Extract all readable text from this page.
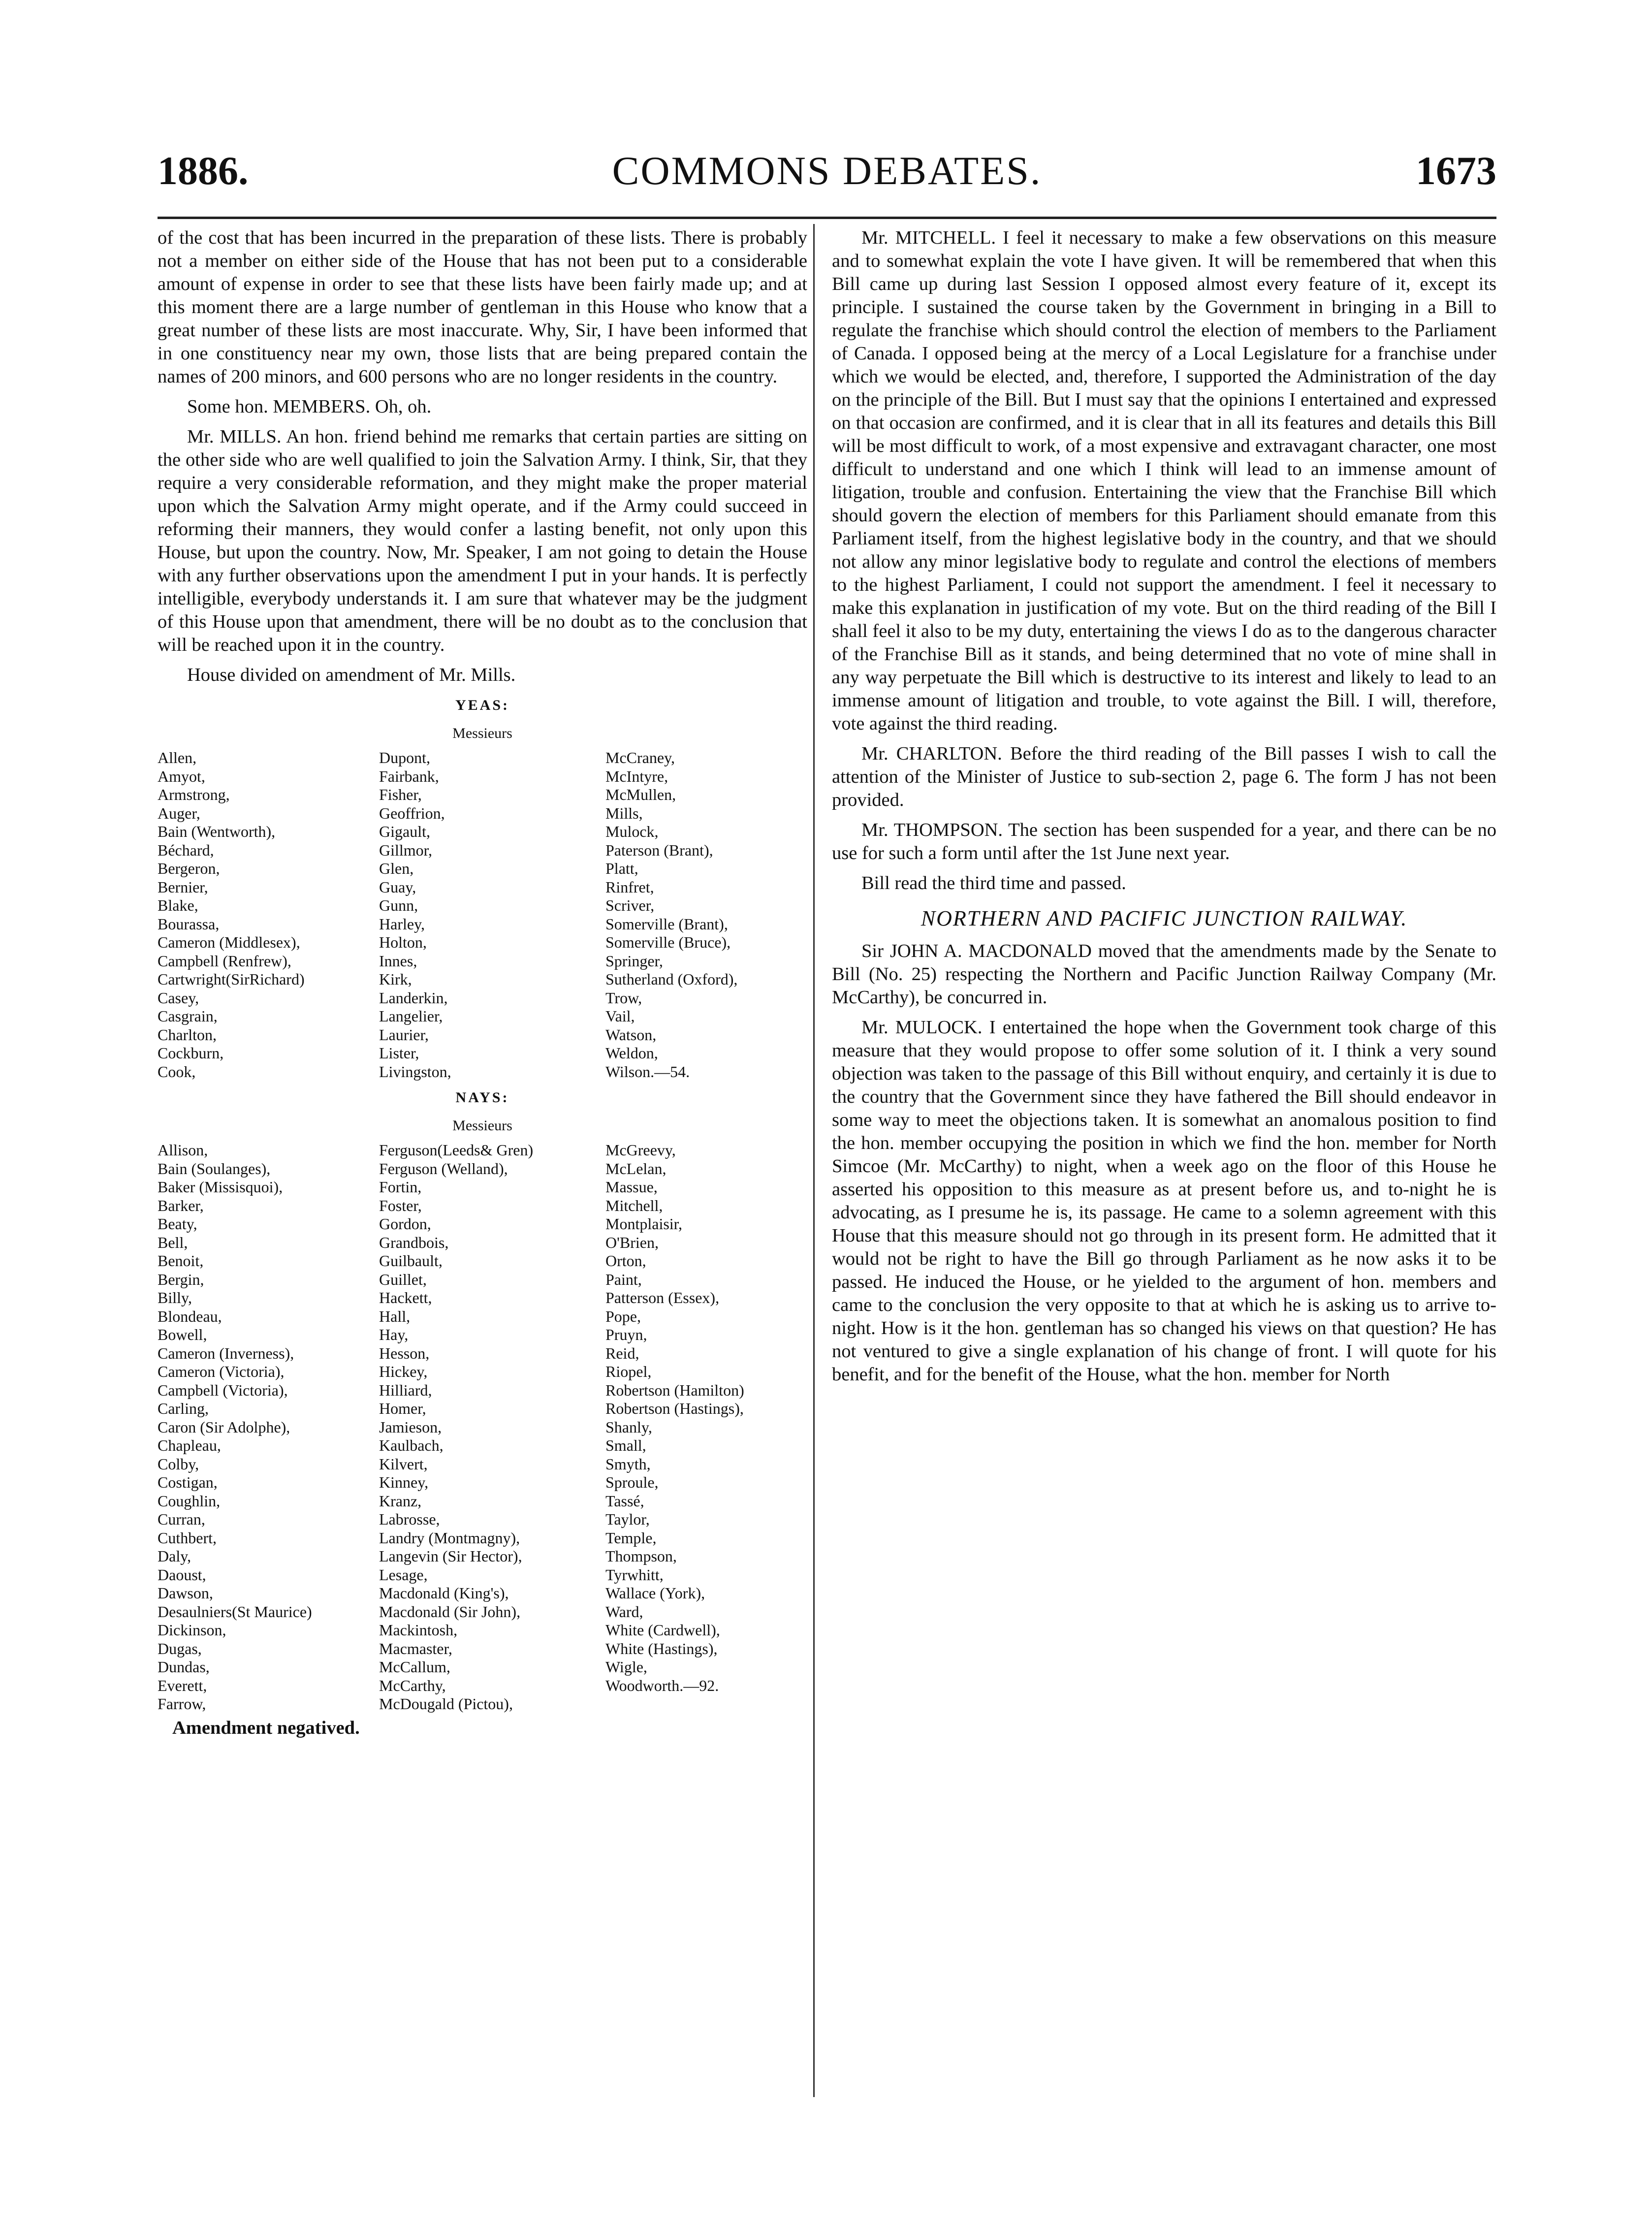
1886.	COMMONS DEBATES.	1673

of the cost that has been incurred in the preparation of these lists. There is probably not a member on either side of the House that has not been put to a considerable amount of expense in order to see that these lists have been fairly made up; and at this moment there are a large number of gentleman in this House who know that a great number of these lists are most inaccurate. Why, Sir, I have been informed that in one constituency near my own, those lists that are being prepared contain the names of 200 minors, and 600 persons who are no longer residents in the country.

Some hon. MEMBERS. Oh, oh.

Mr. MILLS. An hon. friend behind me remarks that certain parties are sitting on the other side who are well qualified to join the Salvation Army. I think, Sir, that they require a very considerable reformation, and they might make the proper material upon which the Salvation Army might operate, and if the Army could succeed in reforming their manners, they would confer a lasting benefit, not only upon this House, but upon the country. Now, Mr. Speaker, I am not going to detain the House with any further observations upon the amendment I put in your hands. It is perfectly intelligible, everybody understands it. I am sure that whatever may be the judgment of this House upon that amendment, there will be no doubt as to the conclusion that will be reached upon it in the country.

House divided on amendment of Mr. Mills.

YEAS:
Messieurs
Allen,	Dupont,	McCraney,
Amyot,	Fairbank,	McIntyre,
Armstrong,	Fisher,	McMullen,
Auger,	Geoffrion,	Mills,
Bain (Wentworth),	Gigault,	Mulock,
Béchard,	Gillmor,	Paterson (Brant),
Bergeron,	Glen,	Platt,
Bernier,	Guay,	Rinfret,
Blake,	Gunn,	Scriver,
Bourassa,	Harley,	Somerville (Brant),
Cameron (Middlesex),	Holton,	Somerville (Bruce),
Campbell (Renfrew),	Innes,	Springer,
Cartwright(SirRichard)	Kirk,	Sutherland (Oxford),
Casey,	Landerkin,	Trow,
Casgrain,	Langelier,	Vail,
Charlton,	Laurier,	Watson,
Cockburn,	Lister,	Weldon,
Cook,	Livingston,	Wilson.—54.
NAYS:
Messieurs
Allison,	Ferguson(Leeds& Gren)	McGreevy,
Bain (Soulanges),	Ferguson (Welland),	McLelan,
Baker (Missisquoi),	Fortin,	Massue,
Barker,	Foster,	Mitchell,
Beaty,	Gordon,	Montplaisir,
Bell,	Grandbois,	O'Brien,
Benoit,	Guilbault,	Orton,
Bergin,	Guillet,	Paint,
Billy,	Hackett,	Patterson (Essex),
Blondeau,	Hall,	Pope,
Bowell,	Hay,	Pruyn,
Cameron (Inverness),	Hesson,	Reid,
Cameron (Victoria),	Hickey,	Riopel,
Campbell (Victoria),	Hilliard,	Robertson (Hamilton)
Carling,	Homer,	Robertson (Hastings),
Caron (Sir Adolphe),	Jamieson,	Shanly,
Chapleau,	Kaulbach,	Small,
Colby,	Kilvert,	Smyth,
Costigan,	Kinney,	Sproule,
Coughlin,	Kranz,	Tassé,
Curran,	Labrosse,	Taylor,
Cuthbert,	Landry (Montmagny),	Temple,
Daly,	Langevin (Sir Hector),	Thompson,
Daoust,	Lesage,	Tyrwhitt,
Dawson,	Macdonald (King's),	Wallace (York),
Desaulniers(St Maurice)	Macdonald (Sir John),	Ward,
Dickinson,	Mackintosh,	White (Cardwell),
Dugas,	Macmaster,	White (Hastings),
Dundas,	McCallum,	Wigle,
Everett,	McCarthy,	Woodworth.—92.
Farrow,	McDougald (Pictou),

Amendment negatived.

Mr. MITCHELL. I feel it necessary to make a few observations on this measure and to somewhat explain the vote I have given. It will be remembered that when this Bill came up during last Session I opposed almost every feature of it, except its principle. I sustained the course taken by the Government in bringing in a Bill to regulate the franchise which should control the election of members to the Parliament of Canada. I opposed being at the mercy of a Local Legislature for a franchise under which we would be elected, and, therefore, I supported the Administration of the day on the principle of the Bill. But I must say that the opinions I entertained and expressed on that occasion are confirmed, and it is clear that in all its features and details this Bill will be most difficult to work, of a most expensive and extravagant character, one most difficult to understand and one which I think will lead to an immense amount of litigation, trouble and confusion. Entertaining the view that the Franchise Bill which should govern the election of members for this Parliament should emanate from this Parliament itself, from the highest legislative body in the country, and that we should not allow any minor legislative body to regulate and control the elections of members to the highest Parliament, I could not support the amendment. I feel it necessary to make this explanation in justification of my vote. But on the third reading of the Bill I shall feel it also to be my duty, entertaining the views I do as to the dangerous character of the Franchise Bill as it stands, and being determined that no vote of mine shall in any way perpetuate the Bill which is destructive to its interest and likely to lead to an immense amount of litigation and trouble, to vote against the Bill. I will, therefore, vote against the third reading.

Mr. CHARLTON. Before the third reading of the Bill passes I wish to call the attention of the Minister of Justice to sub-section 2, page 6. The form J has not been provided.

Mr. THOMPSON. The section has been suspended for a year, and there can be no use for such a form until after the 1st June next year.

Bill read the third time and passed.

NORTHERN AND PACIFIC JUNCTION RAILWAY.

Sir JOHN A. MACDONALD moved that the amendments made by the Senate to Bill (No. 25) respecting the Northern and Pacific Junction Railway Company (Mr. McCarthy), be concurred in.

Mr. MULOCK. I entertained the hope when the Government took charge of this measure that they would propose to offer some solution of it. I think a very sound objection was taken to the passage of this Bill without enquiry, and certainly it is due to the country that the Government since they have fathered the Bill should endeavor in some way to meet the objections taken. It is somewhat an anomalous position to find the hon. member occupying the position in which we find the hon. member for North Simcoe (Mr. McCarthy) to night, when a week ago on the floor of this House he asserted his opposition to this measure as at present before us, and to-night he is advocating, as I presume he is, its passage. He came to a solemn agreement with this House that this measure should not go through in its present form. He admitted that it would not be right to have the Bill go through Parliament as he now asks it to be passed. He induced the House, or he yielded to the argument of hon. members and came to the conclusion the very opposite to that at which he is asking us to arrive to-night. How is it the hon. gentleman has so changed his views on that question? He has not ventured to give a single explanation of his change of front. I will quote for his benefit, and for the benefit of the House, what the hon. member for North
